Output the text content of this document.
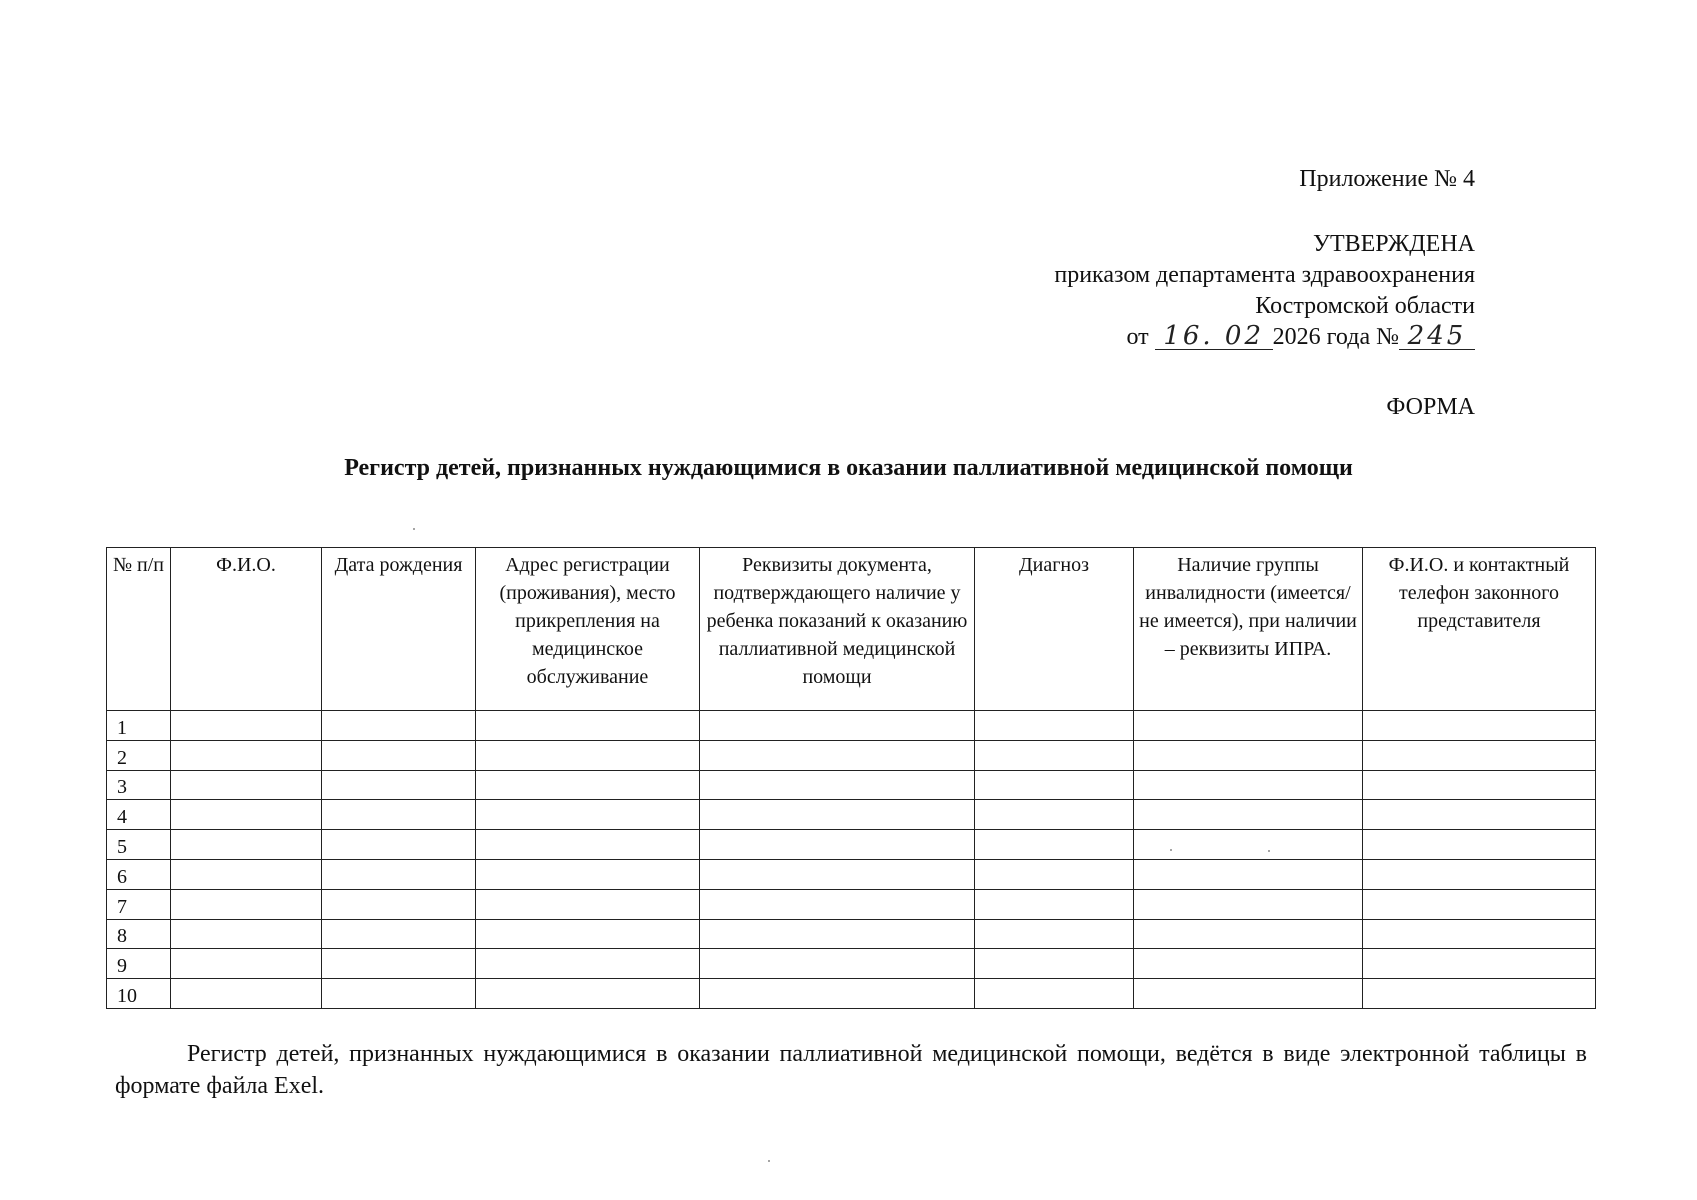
Приложение № 4
УТВЕРЖДЕНА
приказом департамента здравоохранения
Костромской области
от 16. 02 2026 года № 245
ФОРМА
Регистр детей, признанных нуждающимися в оказании паллиативной медицинской помощи
№ п/п	Ф.И.О.	Дата рождения	Адрес регистрации (проживания), место прикрепления на медицинское обслуживание	Реквизиты документа, подтверждающего наличие у ребенка показаний к оказанию паллиативной медицинской помощи	Диагноз	Наличие группы инвалидности (имеется/не имеется), при наличии – реквизиты ИПРА.	Ф.И.О. и контактный телефон законного представителя
1							
2							
3							
4							
5							
6							
7							
8							
9							
10							
Регистр детей, признанных нуждающимися в оказании паллиативной медицинской помощи, ведётся в виде электронной таблицы в формате файла Exel.
